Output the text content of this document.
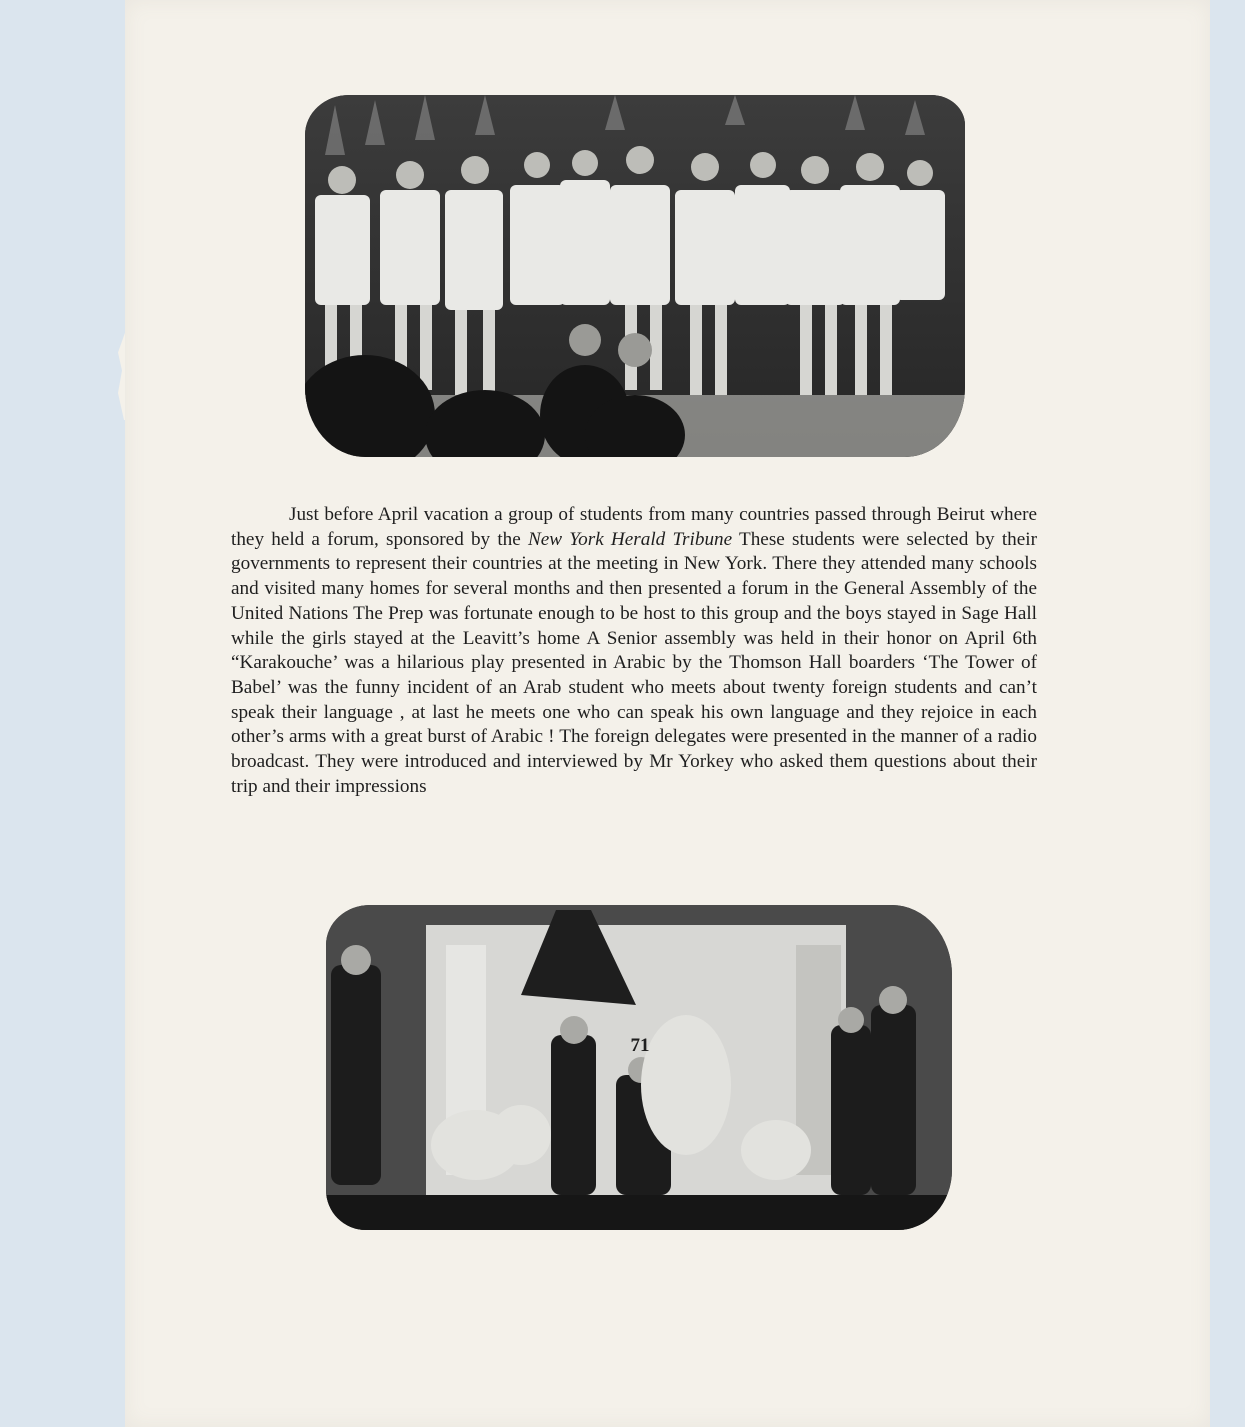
Just before April vacation a group of students from many countries passed through Beirut where they held a forum, sponsored by the New York Herald Tribune These students were selected by their governments to represent their countries at the meeting in New York. There they attended many schools and visited many homes for several months and then presented a forum in the General Assembly of the United Nations The Prep was fortunate enough to be host to this group and the boys stayed in Sage Hall while the girls stayed at the Leavitt’s home A Senior assembly was held in their honor on April 6th “Karakouche’ was a hilarious play presented in Arabic by the Thomson Hall boarders ‘The Tower of Babel’ was the funny incident of an Arab student who meets about twenty foreign students and can’t speak their language , at last he meets one who can speak his own language and they rejoice in each other’s arms with a great burst of Arabic ! The foreign delegates were presented in the manner of a radio broadcast. They were introduced and interviewed by Mr Yorkey who asked them questions about their trip and their impressions

71
